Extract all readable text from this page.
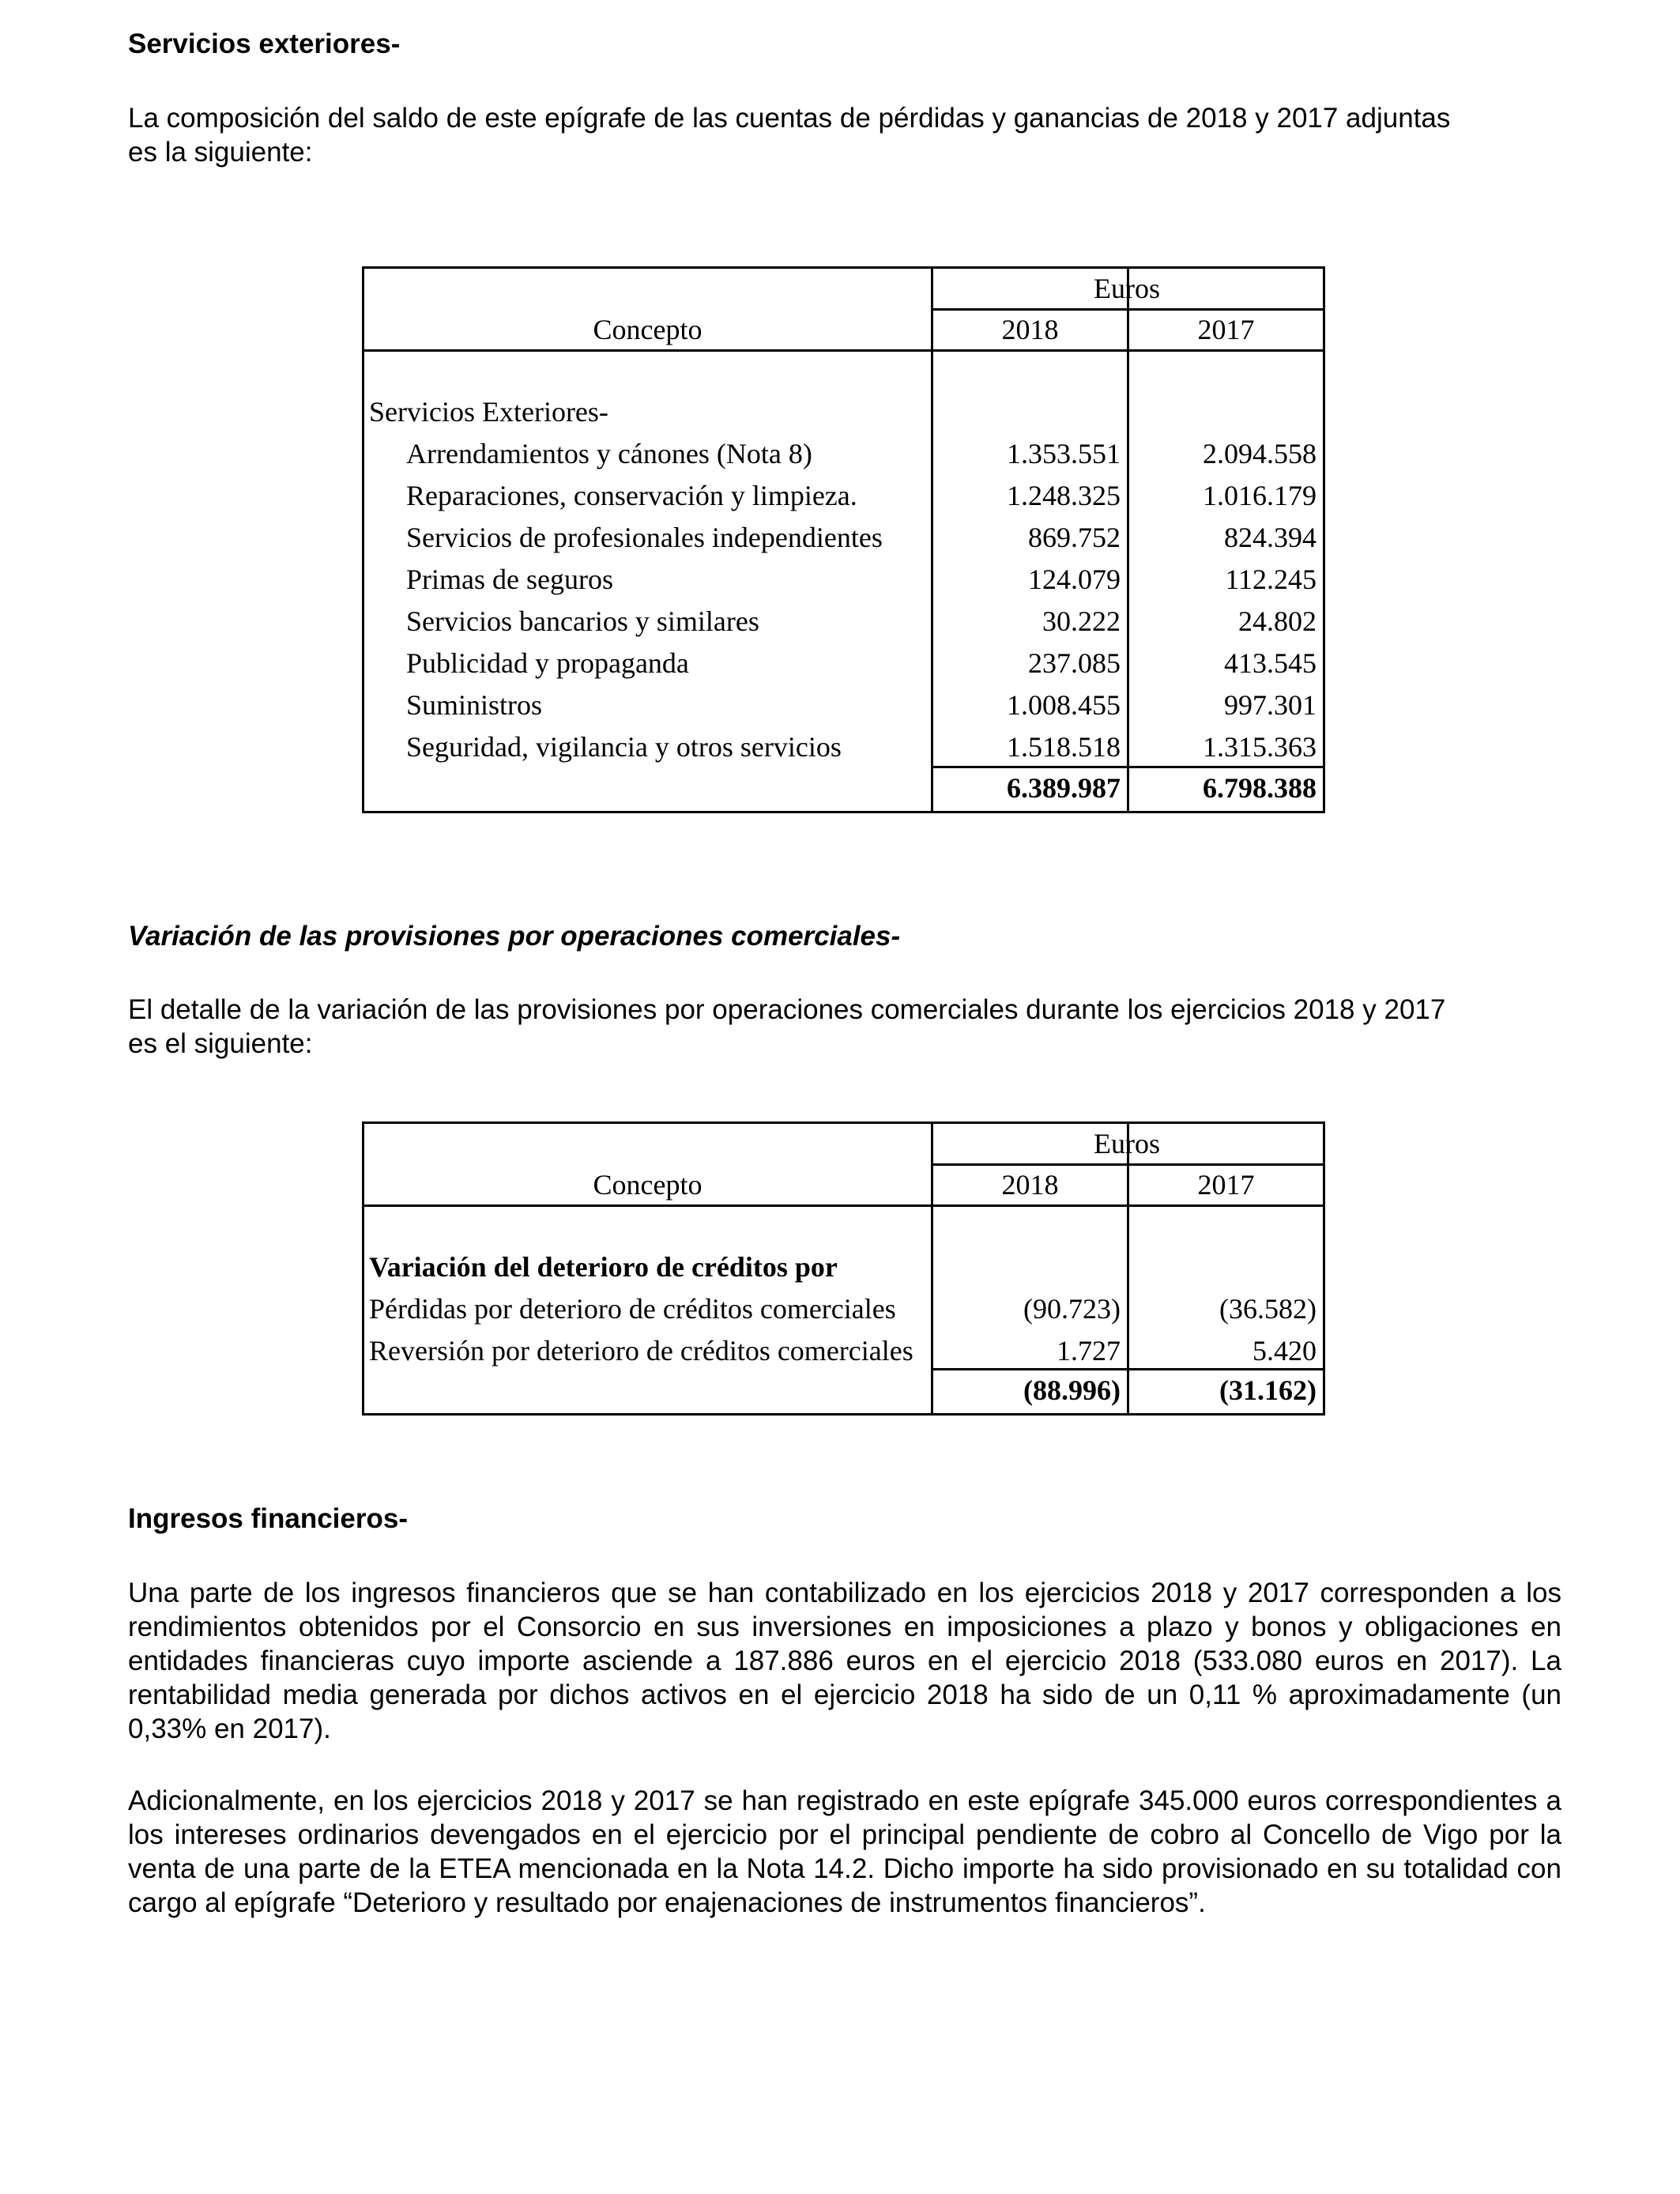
Servicios exteriores-
La composición del saldo de este epígrafe de las cuentas de pérdidas y ganancias de 2018 y 2017 adjuntas
es la siguiente:
Euros
Concepto	2018	2017
Servicios Exteriores-
Arrendamientos y cánones (Nota 8)	1.353.551	2.094.558
Reparaciones, conservación y limpieza.	1.248.325	1.016.179
Servicios de profesionales independientes	869.752	824.394
Primas de seguros	124.079	112.245
Servicios bancarios y similares	30.222	24.802
Publicidad y propaganda	237.085	413.545
Suministros	1.008.455	997.301
Seguridad, vigilancia y otros servicios	1.518.518	1.315.363
6.389.987	6.798.388
Variación de las provisiones por operaciones comerciales-
El detalle de la variación de las provisiones por operaciones comerciales durante los ejercicios 2018 y 2017
es el siguiente:
Euros
Concepto	2018	2017
Variación del deterioro de créditos por
Pérdidas por deterioro de créditos comerciales	(90.723)	(36.582)
Reversión por deterioro de créditos comerciales	1.727	5.420
(88.996)	(31.162)
Ingresos financieros-

Una parte de los ingresos financieros que se han contabilizado en los ejercicios 2018 y 2017 corresponden a los rendimientos obtenidos por el Consorcio en sus inversiones en imposiciones a plazo y bonos y obligaciones en entidades financieras cuyo importe asciende a 187.886 euros en el ejercicio 2018 (533.080 euros en 2017). La rentabilidad media generada por dichos activos en el ejercicio 2018 ha sido de un 0,11 % aproximadamente (un 0,33% en 2017).

Adicionalmente, en los ejercicios 2018 y 2017 se han registrado en este epígrafe 345.000 euros correspondientes a los intereses ordinarios devengados en el ejercicio por el principal pendiente de cobro al Concello de Vigo por la venta de una parte de la ETEA mencionada en la Nota 14.2. Dicho importe ha sido provisionado en su totalidad con cargo al epígrafe “Deterioro y resultado por enajenaciones de instrumentos financieros”.
